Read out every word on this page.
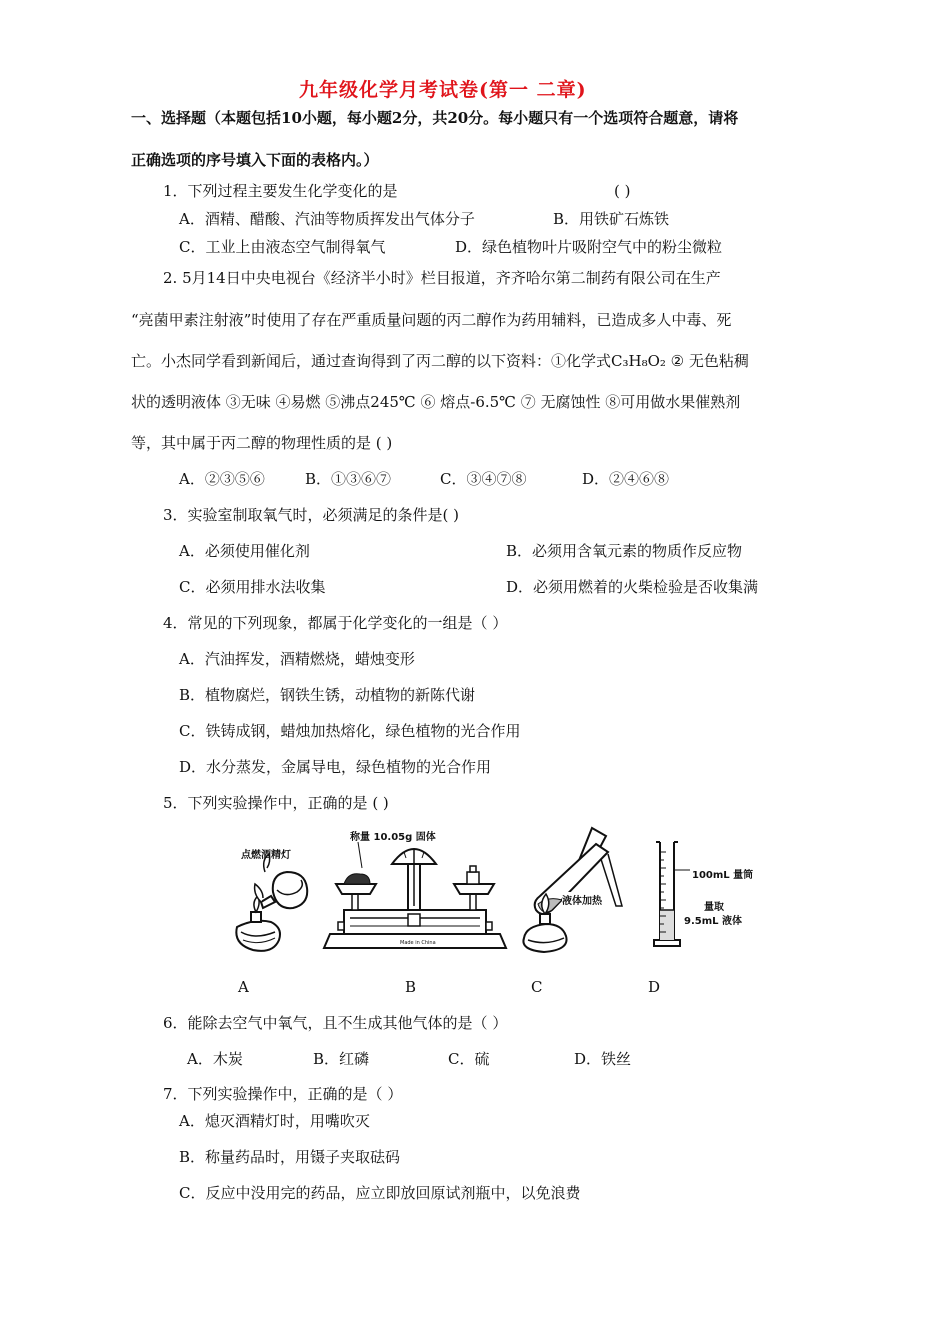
九年级化学月考试卷(第一 二章)
一、选择题（本题包括10小题，每小题2分，共20分。每小题只有一个选项符合题意，请将
正确选项的序号填入下面的表格内。）
1．下列过程主要发生化学变化的是	( )
A．酒精、醋酸、汽油等物质挥发出气体分子	B．用铁矿石炼铁
C．工业上由液态空气制得氧气	D．绿色植物叶片吸附空气中的粉尘微粒
2. 5月14日中央电视台《经济半小时》栏目报道，齐齐哈尔第二制药有限公司在生产
“亮菌甲素注射液”时使用了存在严重质量问题的丙二醇作为药用辅料，已造成多人中毒、死
亡。小杰同学看到新闻后，通过查询得到了丙二醇的以下资料：①化学式C₃H₈O₂ ② 无色粘稠
状的透明液体 ③无味 ④易燃 ⑤沸点245℃ ⑥ 熔点-6.5℃ ⑦ 无腐蚀性 ⑧可用做水果催熟剂
等，其中属于丙二醇的物理性质的是 ( )
A．②③⑤⑥	B．①③⑥⑦	C．③④⑦⑧	D．②④⑥⑧
3．实验室制取氧气时，必须满足的条件是( )
A．必须使用催化剂	B．必须用含氧元素的物质作反应物
C．必须用排水法收集	D．必须用燃着的火柴检验是否收集满
4．常见的下列现象，都属于化学变化的一组是（ ）
A．汽油挥发，酒精燃烧，蜡烛变形
B．植物腐烂，钢铁生锈，动植物的新陈代谢
C．铁铸成钢，蜡烛加热熔化，绿色植物的光合作用
D．水分蒸发，金属导电，绿色植物的光合作用
5．下列实验操作中，正确的是 ( )
点燃酒精灯
称量 10.05g 固体
Made in China
液体加热
100mL 量筒
量取
9.5mL 液体
A	B	C	D
6．能除去空气中氧气，且不生成其他气体的是（ ）
A．木炭	B．红磷	C．硫	D．铁丝
7．下列实验操作中，正确的是（ ）
A．熄灭酒精灯时，用嘴吹灭
B．称量药品时，用镊子夹取砝码
C．反应中没用完的药品，应立即放回原试剂瓶中，以免浪费
